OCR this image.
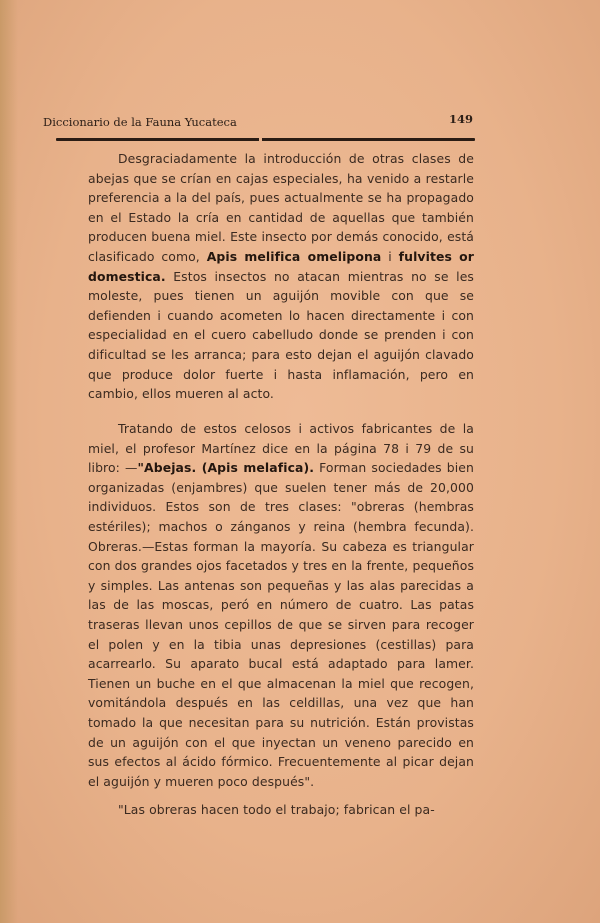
Diccionario de la Fauna Yucateca	149

Desgraciadamente la introducción de otras clases de abejas que se crían en cajas especiales, ha venido a restarle preferencia a la del país, pues actualmente se ha propagado en el Estado la cría en cantidad de aquellas que también producen buena miel. Este insecto por demás conocido, está clasificado como, Apis melifica omelipona i fulvites or domestica. Estos insectos no atacan mientras no se les moleste, pues tienen un aguijón movible con que se defienden i cuando acometen lo hacen directamente i con especialidad en el cuero cabelludo donde se prenden i con dificultad se les arranca; para esto dejan el aguijón clavado que produce dolor fuerte i hasta inflamación, pero en cambio, ellos mueren al acto.

Tratando de estos celosos i activos fabricantes de la miel, el profesor Martínez dice en la página 78 i 79 de su libro: —"Abejas. (Apis melafica). Forman sociedades bien organizadas (enjambres) que suelen tener más de 20,000 individuos. Estos son de tres clases: "obreras (hembras estériles); machos o zánganos y reina (hembra fecunda). Obreras.—Estas forman la mayoría. Su cabeza es triangular con dos grandes ojos facetados y tres en la frente, pequeños y simples. Las antenas son pequeñas y las alas parecidas a las de las moscas, peró en número de cuatro. Las patas traseras llevan unos cepillos de que se sirven para recoger el polen y en la tibia unas depresiones (cestillas) para acarrearlo. Su aparato bucal está adaptado para lamer. Tienen un buche en el que almacenan la miel que recogen, vomitándola después en las celdillas, una vez que han tomado la que necesitan para su nutrición. Están provistas de un aguijón con el que inyectan un veneno parecido en sus efectos al ácido fórmico. Frecuentemente al picar dejan el aguijón y mueren poco después".

"Las obreras hacen todo el trabajo; fabrican el pa-
